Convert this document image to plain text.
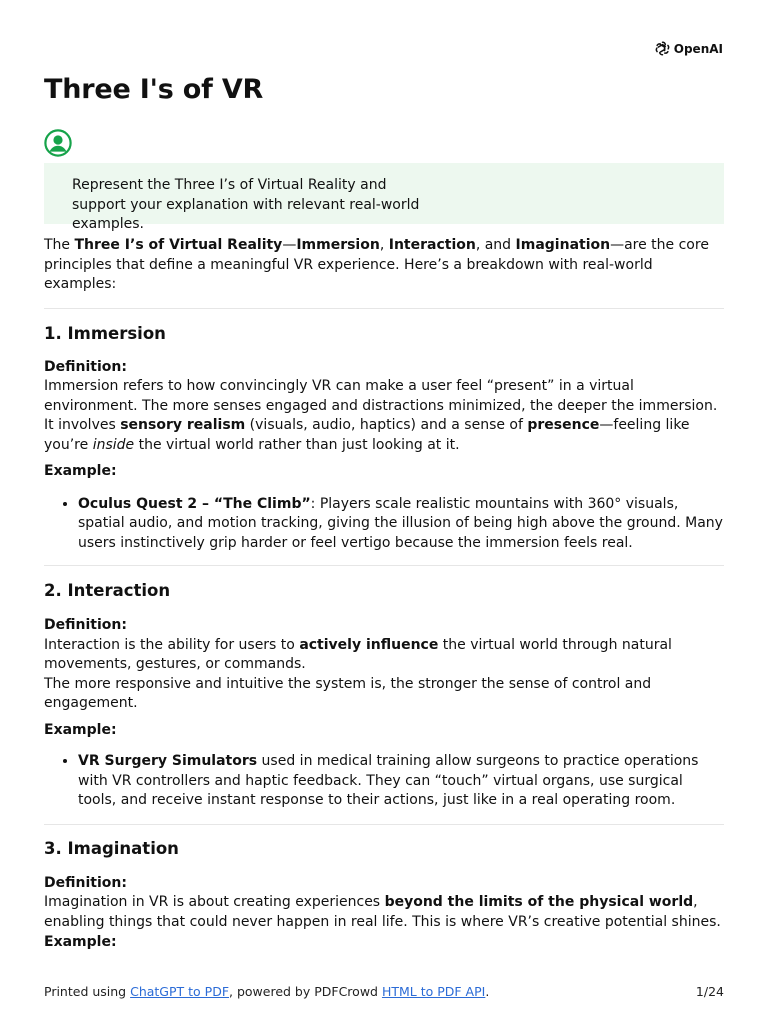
OpenAI
Three I's of VR
Represent the Three I’s of Virtual Reality and support your explanation with relevant real-world examples.

The Three I’s of Virtual Reality—Immersion, Interaction, and Imagination—are the core principles that define a meaningful VR experience. Here’s a breakdown with real-world examples:

1. Immersion

Definition:

Immersion refers to how convincingly VR can make a user feel “present” in a virtual environment. The more senses engaged and distractions minimized, the deeper the immersion.

It involves sensory realism (visuals, audio, haptics) and a sense of presence—feeling like you’re inside the virtual world rather than just looking at it.

Example:

• Oculus Quest 2 – “The Climb”: Players scale realistic mountains with 360° visuals, spatial audio, and motion tracking, giving the illusion of being high above the ground. Many users instinctively grip harder or feel vertigo because the immersion feels real.
2. Interaction

Definition:

Interaction is the ability for users to actively influence the virtual world through natural movements, gestures, or commands.

The more responsive and intuitive the system is, the stronger the sense of control and engagement.

Example:

• VR Surgery Simulators used in medical training allow surgeons to practice operations with VR controllers and haptic feedback. They can “touch” virtual organs, use surgical tools, and receive instant response to their actions, just like in a real operating room.
3. Imagination

Definition:

Imagination in VR is about creating experiences beyond the limits of the physical world, enabling things that could never happen in real life. This is where VR’s creative potential shines.

Example:

Printed using ChatGPT to PDF, powered by PDFCrowd HTML to PDF API.	1/24
